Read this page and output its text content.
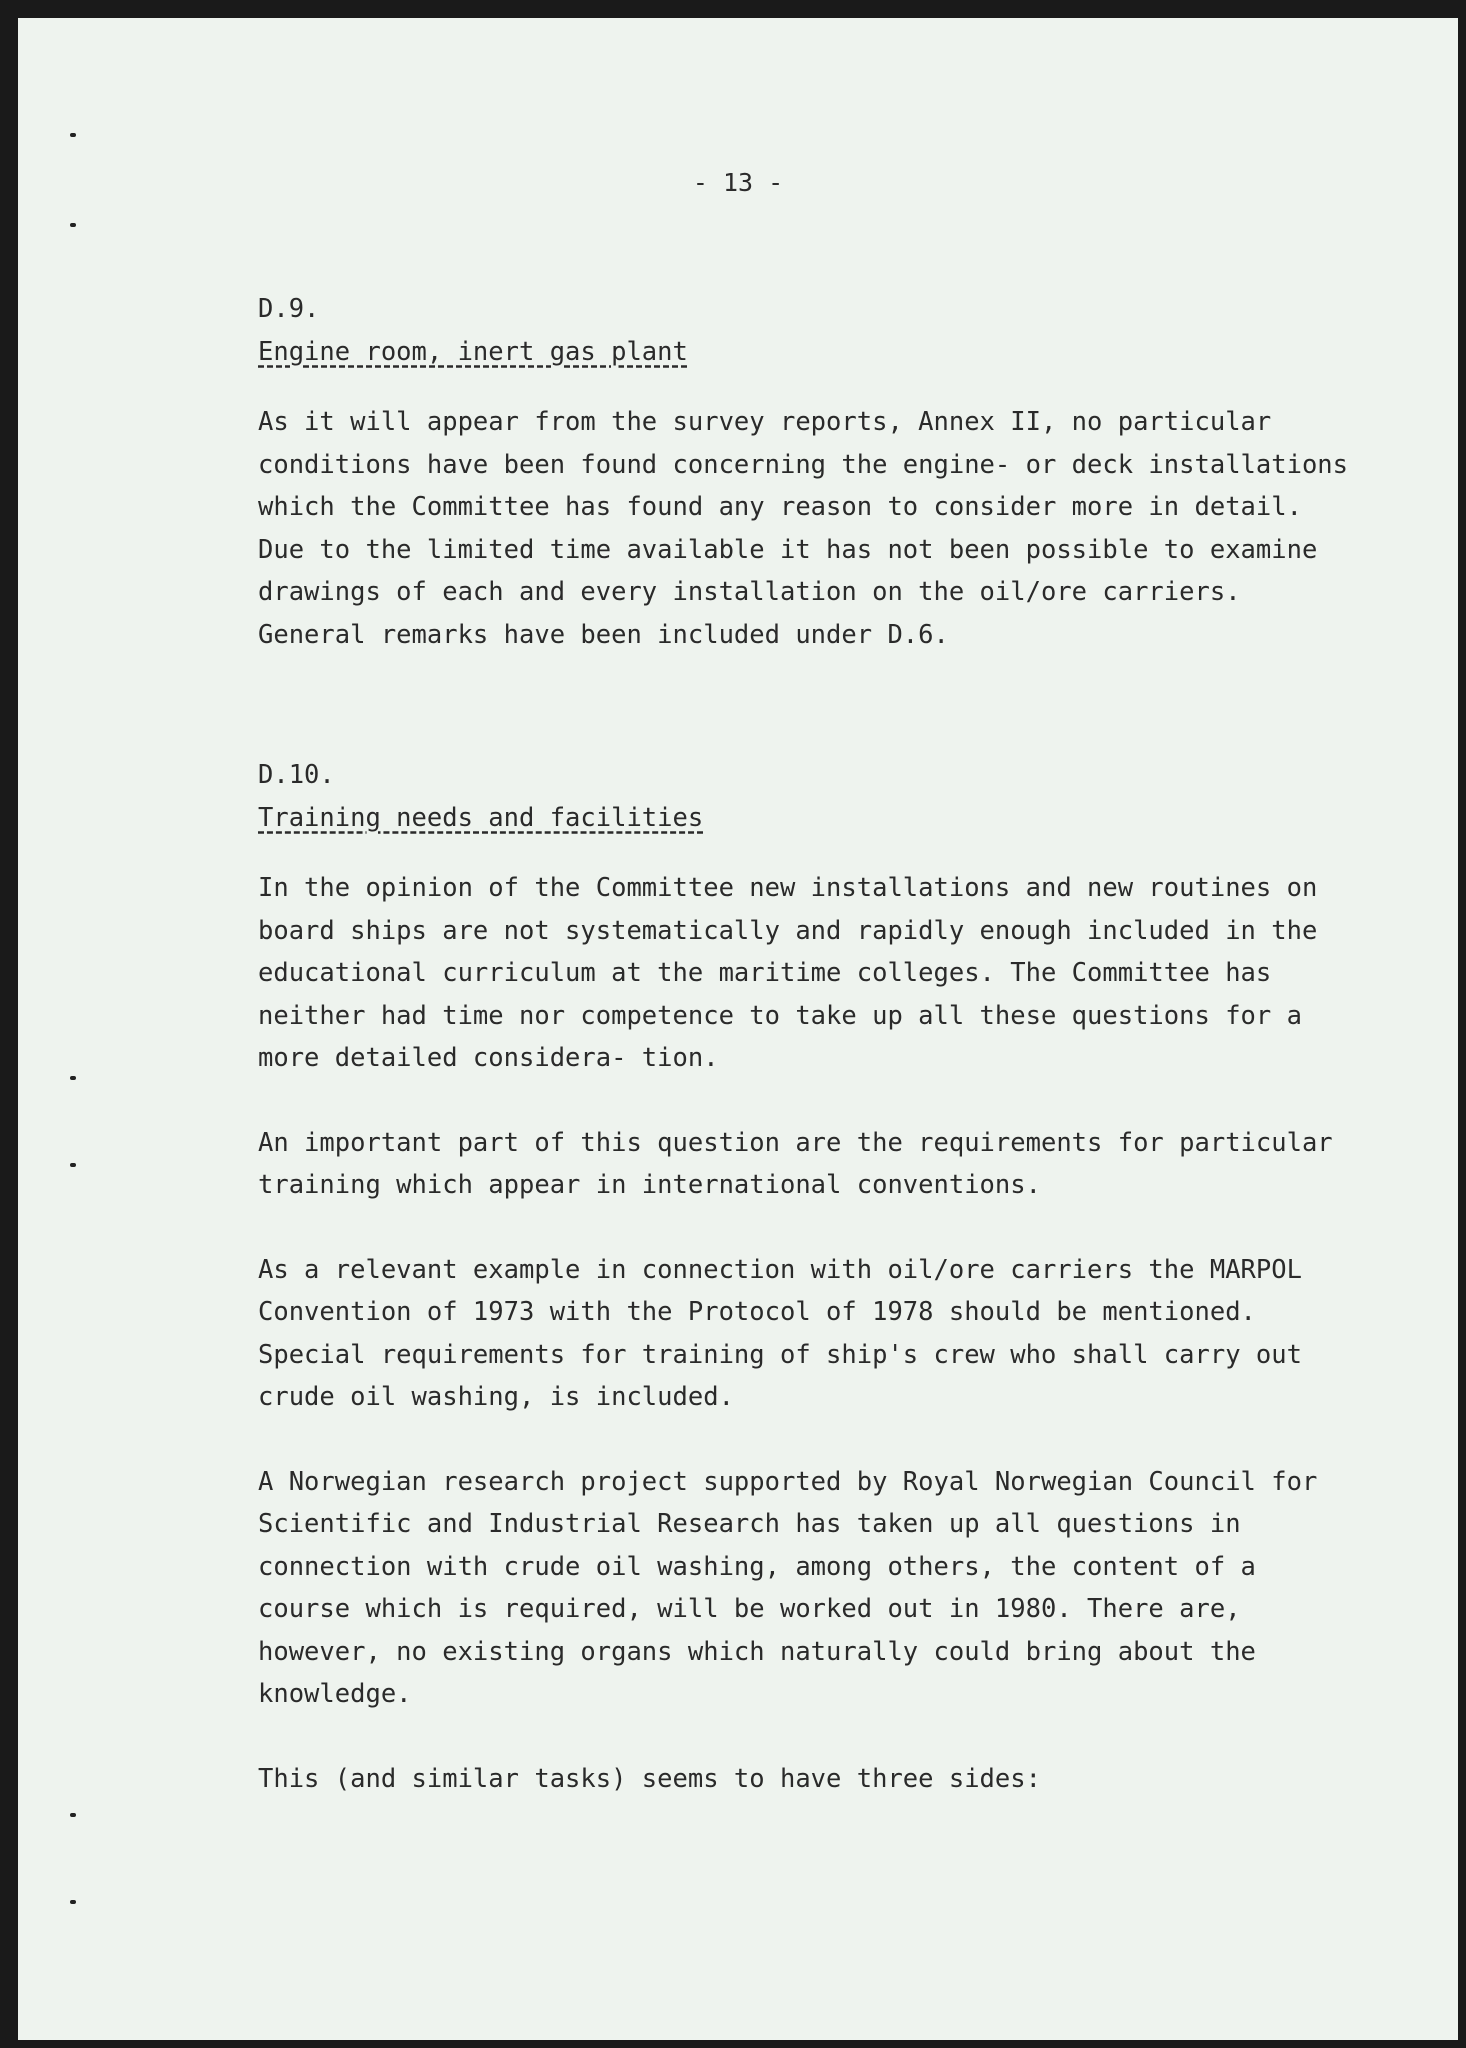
- 13 -

D.9.

Engine room, inert gas plant

As it will appear from the survey reports, Annex II, no particular conditions have been found concerning the engine- or deck installations which the Committee has found any reason to consider more in detail. Due to the limited time available it has not been possible to examine drawings of each and every installation on the oil/ore carriers. General remarks have been included under D.6.

D.10.

Training needs and facilities

In the opinion of the Committee new installations and new routines on board ships are not systematically and rapidly enough included in the educational curriculum at the maritime colleges. The Committee has neither had time nor competence to take up all these questions for a more detailed considera- tion.

An important part of this question are the requirements for particular training which appear in international conventions.

As a relevant example in connection with oil/ore carriers the MARPOL Convention of 1973 with the Protocol of 1978 should be mentioned. Special requirements for training of ship's crew who shall carry out crude oil washing, is included.

A Norwegian research project supported by Royal Norwegian Council for Scientific and Industrial Research has taken up all questions in connection with crude oil washing, among others, the content of a course which is required, will be worked out in 1980. There are, however, no existing organs which naturally could bring about the knowledge.

This (and similar tasks) seems to have three sides:
